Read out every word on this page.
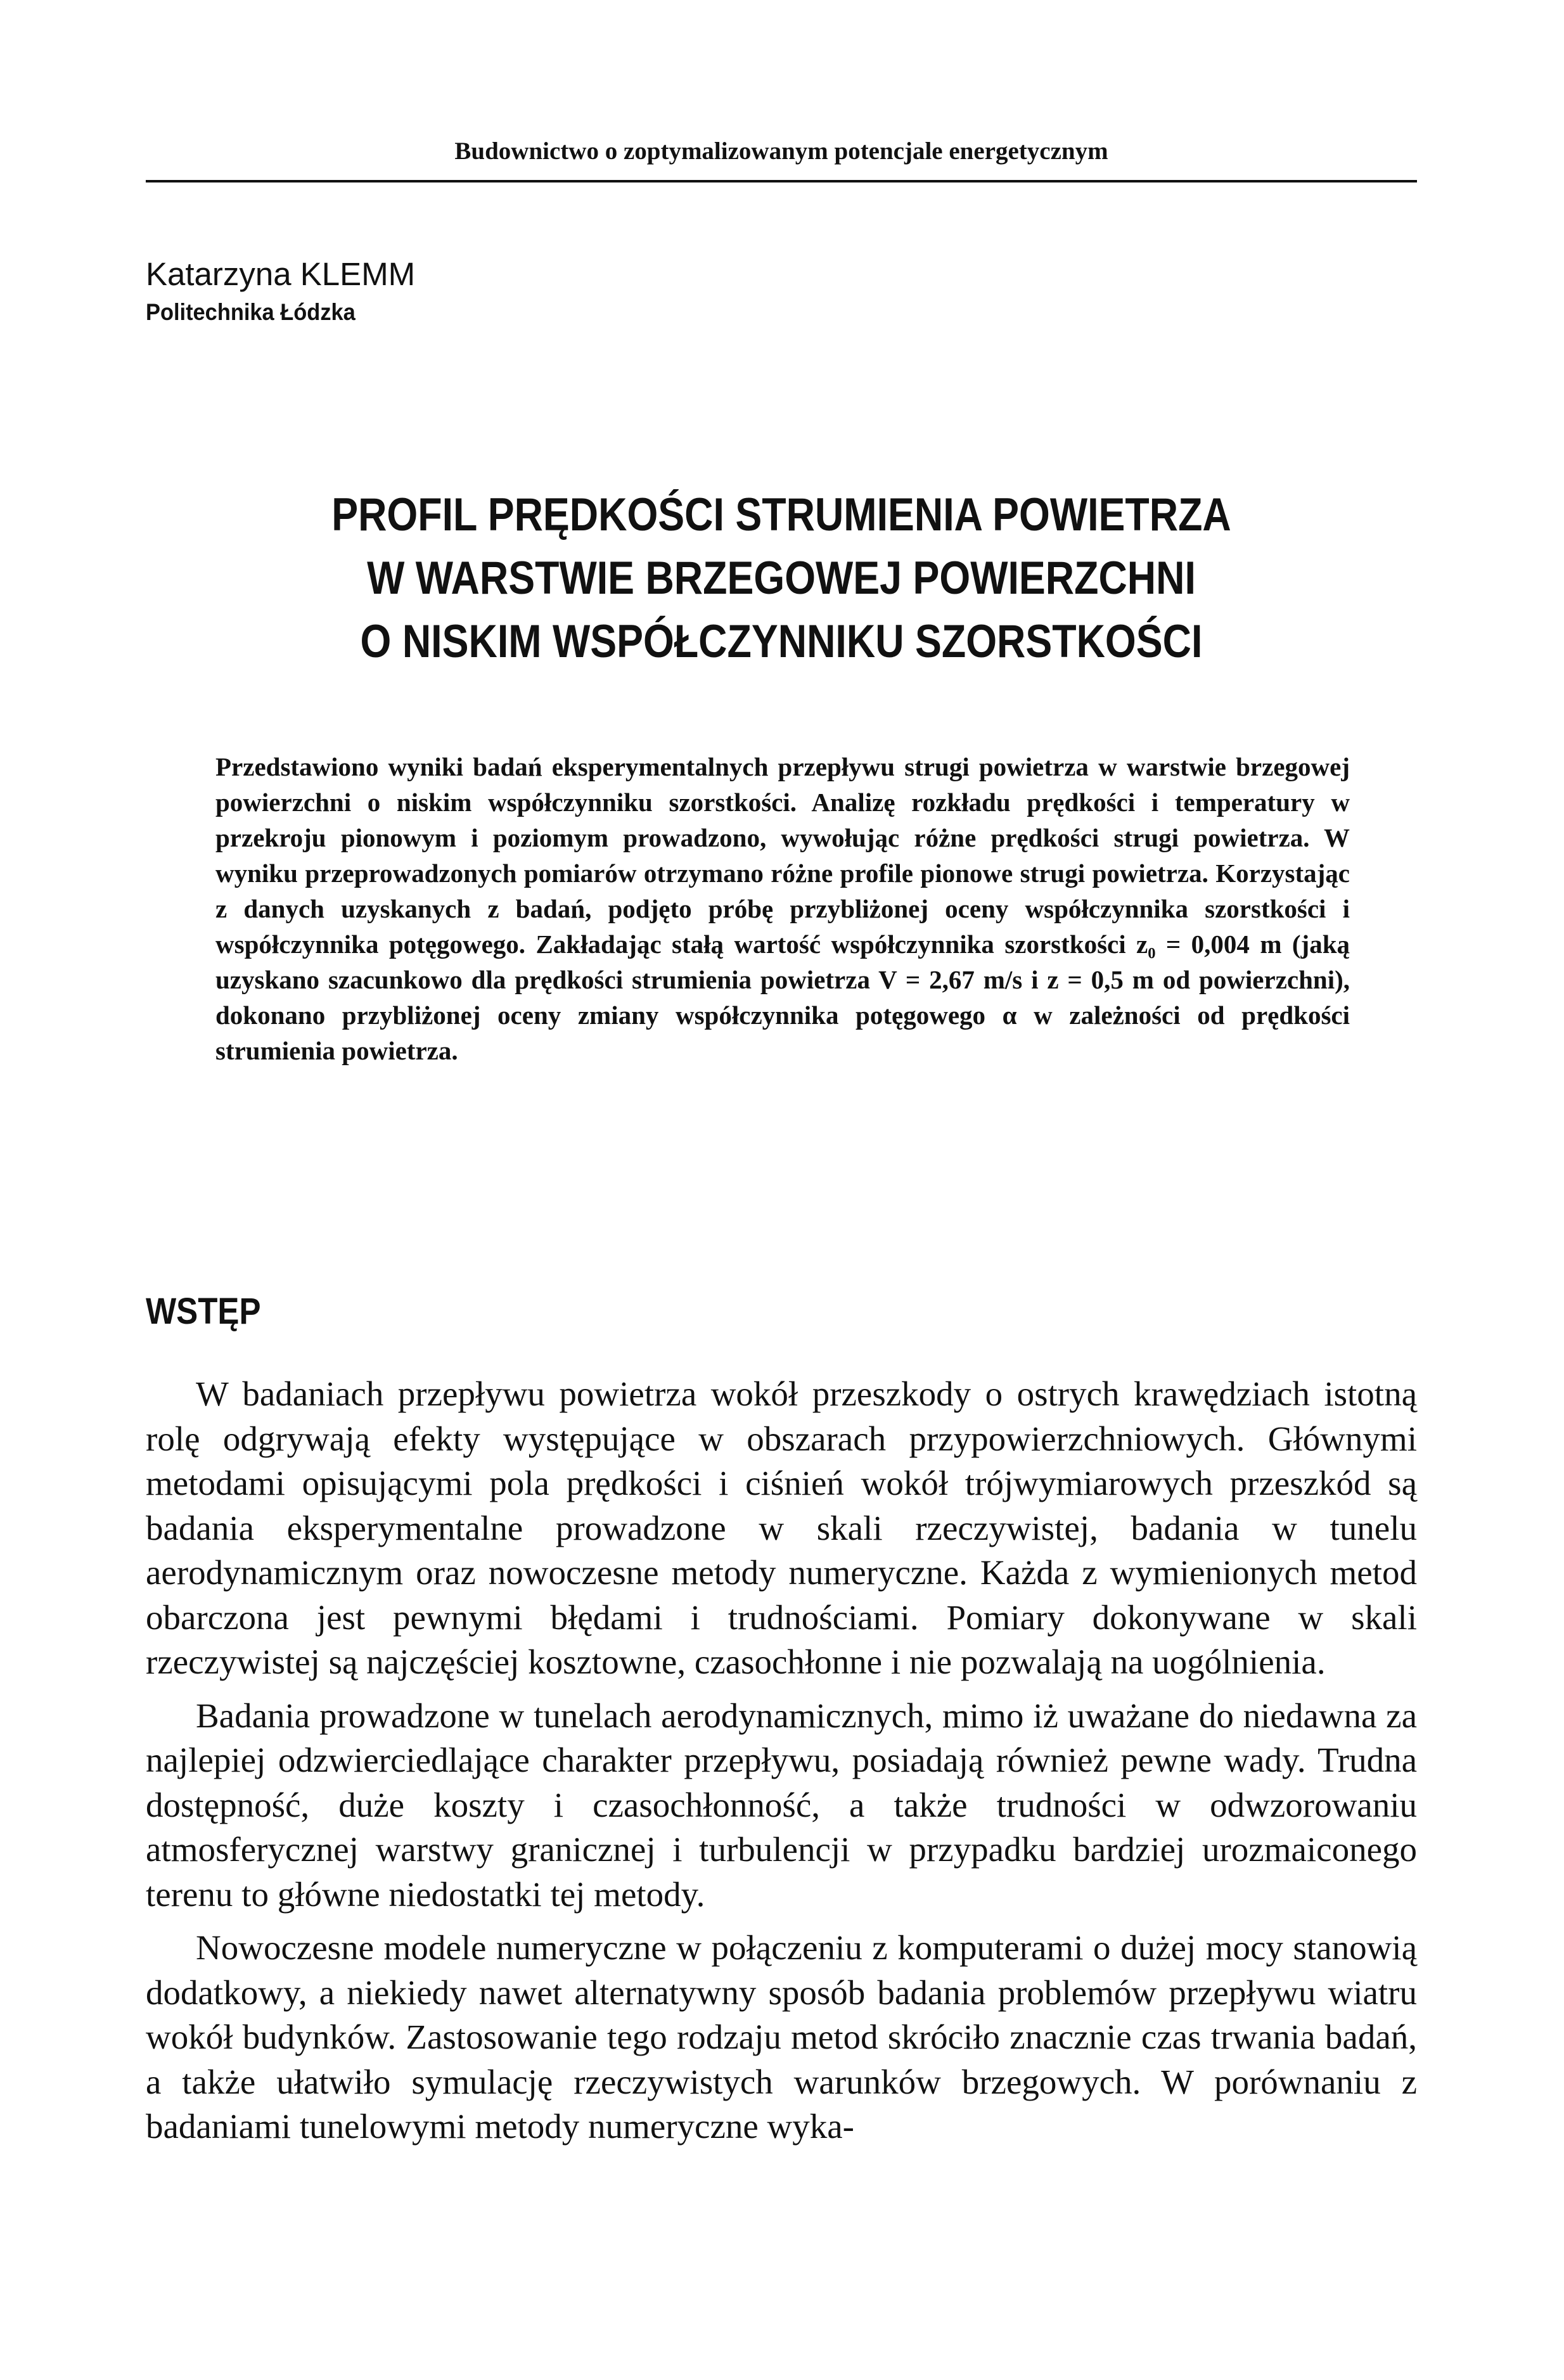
Budownictwo o zoptymalizowanym potencjale energetycznym

Katarzyna KLEMM

Politechnika Łódzka

PROFIL PRĘDKOŚCI STRUMIENIA POWIETRZA
W WARSTWIE BRZEGOWEJ POWIERZCHNI
O NISKIM WSPÓŁCZYNNIKU SZORSTKOŚCI

Przedstawiono wyniki badań eksperymentalnych przepływu strugi powietrza w warstwie brzegowej powierzchni o niskim współczynniku szorstkości. Analizę rozkładu prędkości i temperatury w przekroju pionowym i poziomym prowadzono, wywołując różne prędkości strugi powietrza. W wyniku przeprowadzonych pomiarów otrzymano różne profile pionowe strugi powietrza. Korzystając z danych uzyskanych z badań, podjęto próbę przybliżonej oceny współczynnika szorstkości i współczynnika potęgowego. Zakładając stałą wartość współczynnika szorstkości z₀ = 0,004 m (jaką uzyskano szacunkowo dla prędkości strumienia powietrza V = 2,67 m/s i z = 0,5 m od powierzchni), dokonano przybliżonej oceny zmiany współczynnika potęgowego α w zależności od prędkości strumienia powietrza.

WSTĘP

W badaniach przepływu powietrza wokół przeszkody o ostrych krawędziach istotną rolę odgrywają efekty występujące w obszarach przypowierzchniowych. Głównymi metodami opisującymi pola prędkości i ciśnień wokół trójwymiarowych przeszkód są badania eksperymentalne prowadzone w skali rzeczywistej, badania w tunelu aerodynamicznym oraz nowoczesne metody numeryczne. Każda z wymienionych metod obarczona jest pewnymi błędami i trudnościami. Pomiary dokonywane w skali rzeczywistej są najczęściej kosztowne, czasochłonne i nie pozwalają na uogólnienia.

Badania prowadzone w tunelach aerodynamicznych, mimo iż uważane do niedawna za najlepiej odzwierciedlające charakter przepływu, posiadają również pewne wady. Trudna dostępność, duże koszty i czasochłonność, a także trudności w odwzorowaniu atmosferycznej warstwy granicznej i turbulencji w przypadku bardziej urozmaiconego terenu to główne niedostatki tej metody.

Nowoczesne modele numeryczne w połączeniu z komputerami o dużej mocy stanowią dodatkowy, a niekiedy nawet alternatywny sposób badania problemów przepływu wiatru wokół budynków. Zastosowanie tego rodzaju metod skróciło znacznie czas trwania badań, a także ułatwiło symulację rzeczywistych warunków brzegowych. W porównaniu z badaniami tunelowymi metody numeryczne wyka-
